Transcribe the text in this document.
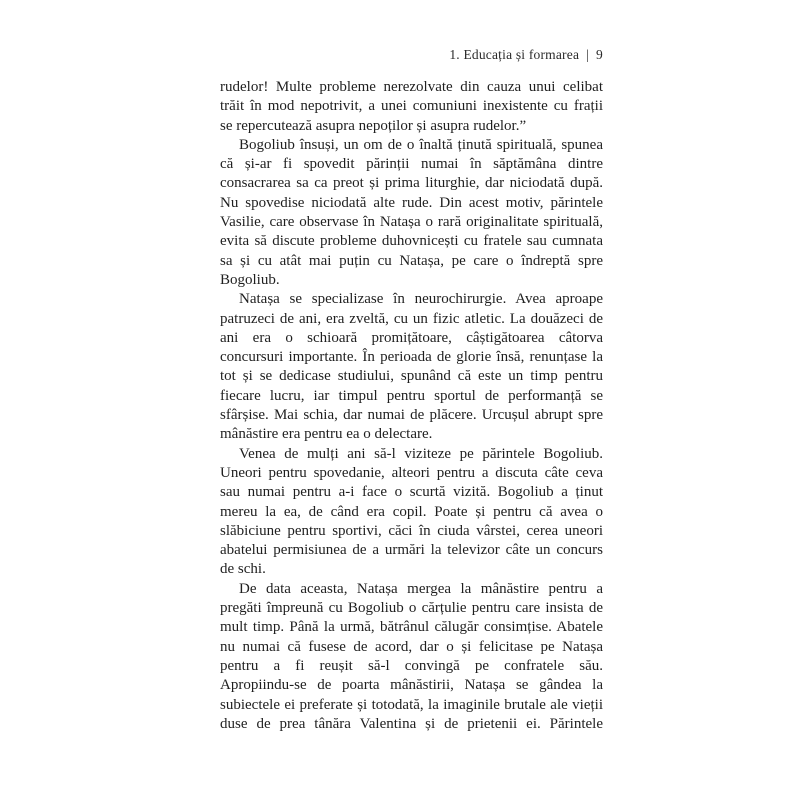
1. Educația și formarea | 9
rudelor! Multe probleme nerezolvate din cauza unui celibat
trăit în mod nepotrivit, a unei comuniuni inexistente cu frații
se repercutează asupra nepoților și asupra rudelor.”
Bogoliub însuși, un om de o înaltă ținută spirituală, spunea
că și-ar fi spovedit părinții numai în săptămâna dintre
consacrarea sa ca preot și prima liturghie, dar niciodată după.
Nu spovedise niciodată alte rude. Din acest motiv, părintele
Vasilie, care observase în Natașa o rară originalitate spirituală,
evita să discute probleme duhovnicești cu fratele sau cumnata
sa și cu atât mai puțin cu Natașa, pe care o îndreptă spre
Bogoliub.
Natașa se specializase în neurochirurgie. Avea aproape
patruzeci de ani, era zveltă, cu un fizic atletic. La douăzeci de
ani era o schioară promițătoare, câștigătoarea câtorva
concursuri importante. În perioada de glorie însă, renunțase la
tot și se dedicase studiului, spunând că este un timp pentru
fiecare lucru, iar timpul pentru sportul de performanță se
sfârșise. Mai schia, dar numai de plăcere. Urcușul abrupt spre
mânăstire era pentru ea o delectare.
Venea de mulți ani să-l viziteze pe părintele Bogoliub.
Uneori pentru spovedanie, alteori pentru a discuta câte ceva
sau numai pentru a-i face o scurtă vizită. Bogoliub a ținut
mereu la ea, de când era copil. Poate și pentru că avea o
slăbiciune pentru sportivi, căci în ciuda vârstei, cerea uneori
abatelui permisiunea de a urmări la televizor câte un concurs
de schi.
De data aceasta, Natașa mergea la mânăstire pentru a
pregăti împreună cu Bogoliub o cărțulie pentru care insista de
mult timp. Până la urmă, bătrânul călugăr consimțise. Abatele
nu numai că fusese de acord, dar o și felicitase pe Natașa
pentru a fi reușit să-l convingă pe confratele său.
Apropiindu-se de poarta mânăstirii, Natașa se gândea la
subiectele ei preferate și totodată, la imaginile brutale ale vieții
duse de prea tânăra Valentina și de prietenii ei. Părintele
